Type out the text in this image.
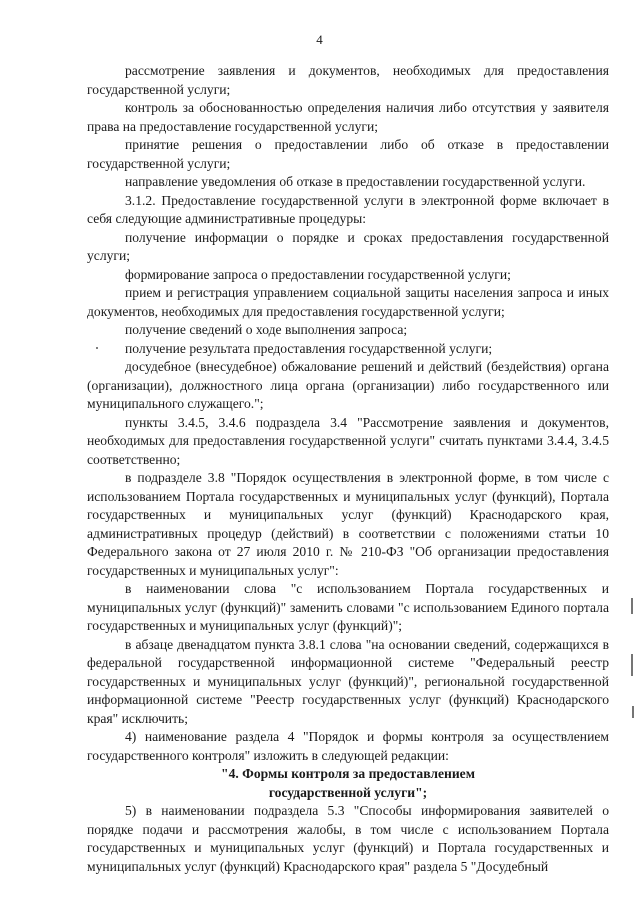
4

рассмотрение заявления и документов, необходимых для предоставления государственной услуги;

контроль за обоснованностью определения наличия либо отсутствия у заявителя права на предоставление государственной услуги;

принятие решения о предоставлении либо об отказе в предоставлении государственной услуги;

направление уведомления об отказе в предоставлении государственной услуги.

3.1.2. Предоставление государственной услуги в электронной форме включает в себя следующие административные процедуры:

получение информации о порядке и сроках предоставления государственной услуги;

формирование запроса о предоставлении государственной услуги;

прием и регистрация управлением социальной защиты населения запроса и иных документов, необходимых для предоставления государственной услуги;

получение сведений о ходе выполнения запроса;

получение результата предоставления государственной услуги;

досудебное (внесудебное) обжалование решений и действий (бездействия) органа (организации), должностного лица органа (организации) либо государственного или муниципального служащего.";

пункты 3.4.5, 3.4.6 подраздела 3.4 "Рассмотрение заявления и документов, необходимых для предоставления государственной услуги" считать пунктами 3.4.4, 3.4.5 соответственно;

в подразделе 3.8 "Порядок осуществления в электронной форме, в том числе с использованием Портала государственных и муниципальных услуг (функций), Портала государственных и муниципальных услуг (функций) Краснодарского края, административных процедур (действий) в соответствии с положениями статьи 10 Федерального закона от 27 июля 2010 г. № 210-ФЗ "Об организации предоставления государственных и муниципальных услуг":

в наименовании слова "с использованием Портала государственных и муниципальных услуг (функций)" заменить словами "с использованием Единого портала государственных и муниципальных услуг (функций)";

в абзаце двенадцатом пункта 3.8.1 слова "на основании сведений, содержащихся в федеральной государственной информационной системе "Федеральный реестр государственных и муниципальных услуг (функций)", региональной государственной информационной системе "Реестр государственных услуг (функций) Краснодарского края" исключить;

4) наименование раздела 4 "Порядок и формы контроля за осуществлением государственного контроля" изложить в следующей редакции:

"4. Формы контроля за предоставлением

государственной услуги";

5) в наименовании подраздела 5.3 "Способы информирования заявителей о порядке подачи и рассмотрения жалобы, в том числе с использованием Портала государственных и муниципальных услуг (функций) и Портала государственных и муниципальных услуг (функций) Краснодарского края" раздела 5 "Досудебный
